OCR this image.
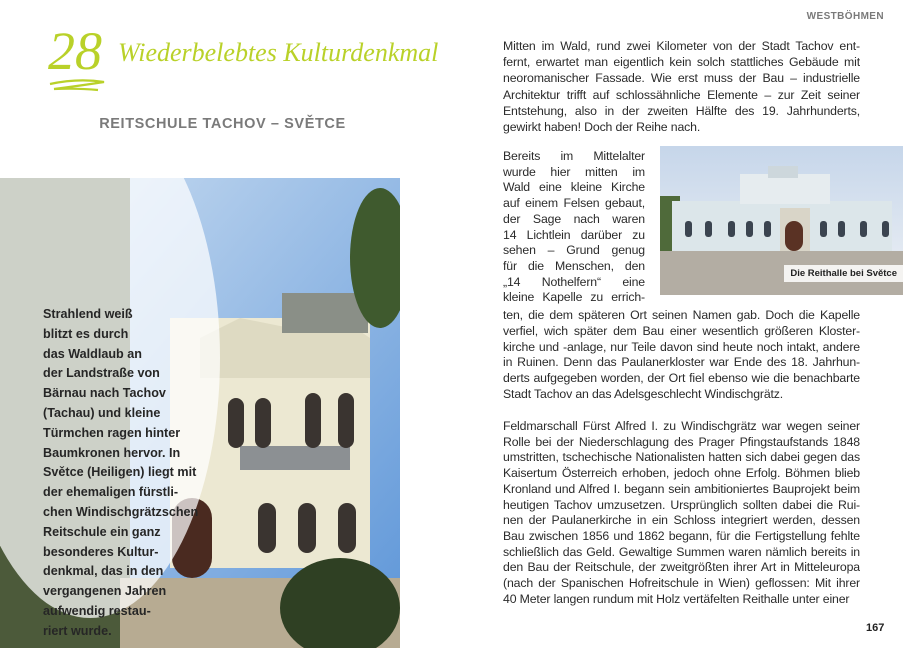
WESTBÖHMEN
28 Wiederbelebtes Kulturdenkmal
REITSCHULE TACHOV – SVĚTCE
Strahlend weiß
blitzt es durch
das Waldlaub an
der Landstraße von
Bärnau nach Tachov
(Tachau) und kleine
Türmchen ragen hinter
Baumkronen hervor. In
Světce (Heiligen) liegt mit
der ehemaligen fürstli-
chen Windischgrätzschen
Reitschule ein ganz
besonderes Kultur-
denkmal, das in den
vergangenen Jahren
aufwendig restau-
riert wurde.
Mitten im Wald, rund zwei Kilometer von der Stadt Tachov ent-
fernt, erwartet man eigentlich kein solch stattliches Gebäude mit
neoromanischer Fassade. Wie erst muss der Bau – industrielle
Architektur trifft auf schlossähnliche Elemente – zur Zeit seiner
Entstehung, also in der zweiten Hälfte des 19. Jahrhunderts,
gewirkt haben! Doch der Reihe nach.
Bereits im Mittelalter
wurde hier mitten im
Wald eine kleine Kirche
auf einem Felsen gebaut,
der Sage nach waren
14 Lichtlein darüber zu
sehen – Grund genug
für die Menschen, den
„14 Nothelfern“ eine
kleine Kapelle zu errich-
ten, die dem späteren Ort seinen Namen gab. Doch die Kapelle
verfiel, wich später dem Bau einer wesentlich größeren Kloster-
kirche und -anlage, nur Teile davon sind heute noch intakt, andere
in Ruinen. Denn das Paulanerkloster war Ende des 18. Jahrhun-
derts aufgegeben worden, der Ort fiel ebenso wie die benachbarte
Stadt Tachov an das Adelsgeschlecht Windischgrätz.
Feldmarschall Fürst Alfred I. zu Windischgrätz war wegen seiner
Rolle bei der Niederschlagung des Prager Pfingstaufstands 1848
umstritten, tschechische Nationalisten hatten sich dabei gegen das
Kaisertum Österreich erhoben, jedoch ohne Erfolg. Böhmen blieb
Kronland und Alfred I. begann sein ambitioniertes Bauprojekt beim
heutigen Tachov umzusetzen. Ursprünglich sollten dabei die Rui-
nen der Paulanerkirche in ein Schloss integriert werden, dessen
Bau zwischen 1856 und 1862 begann, für die Fertigstellung fehlte
schließlich das Geld. Gewaltige Summen waren nämlich bereits in
den Bau der Reitschule, der zweitgrößten ihrer Art in Mitteleuropa
(nach der Spanischen Hofreitschule in Wien) geflossen: Mit ihrer
40 Meter langen rundum mit Holz vertäfelten Reithalle unter einer
Die Reithalle bei Světce
167
